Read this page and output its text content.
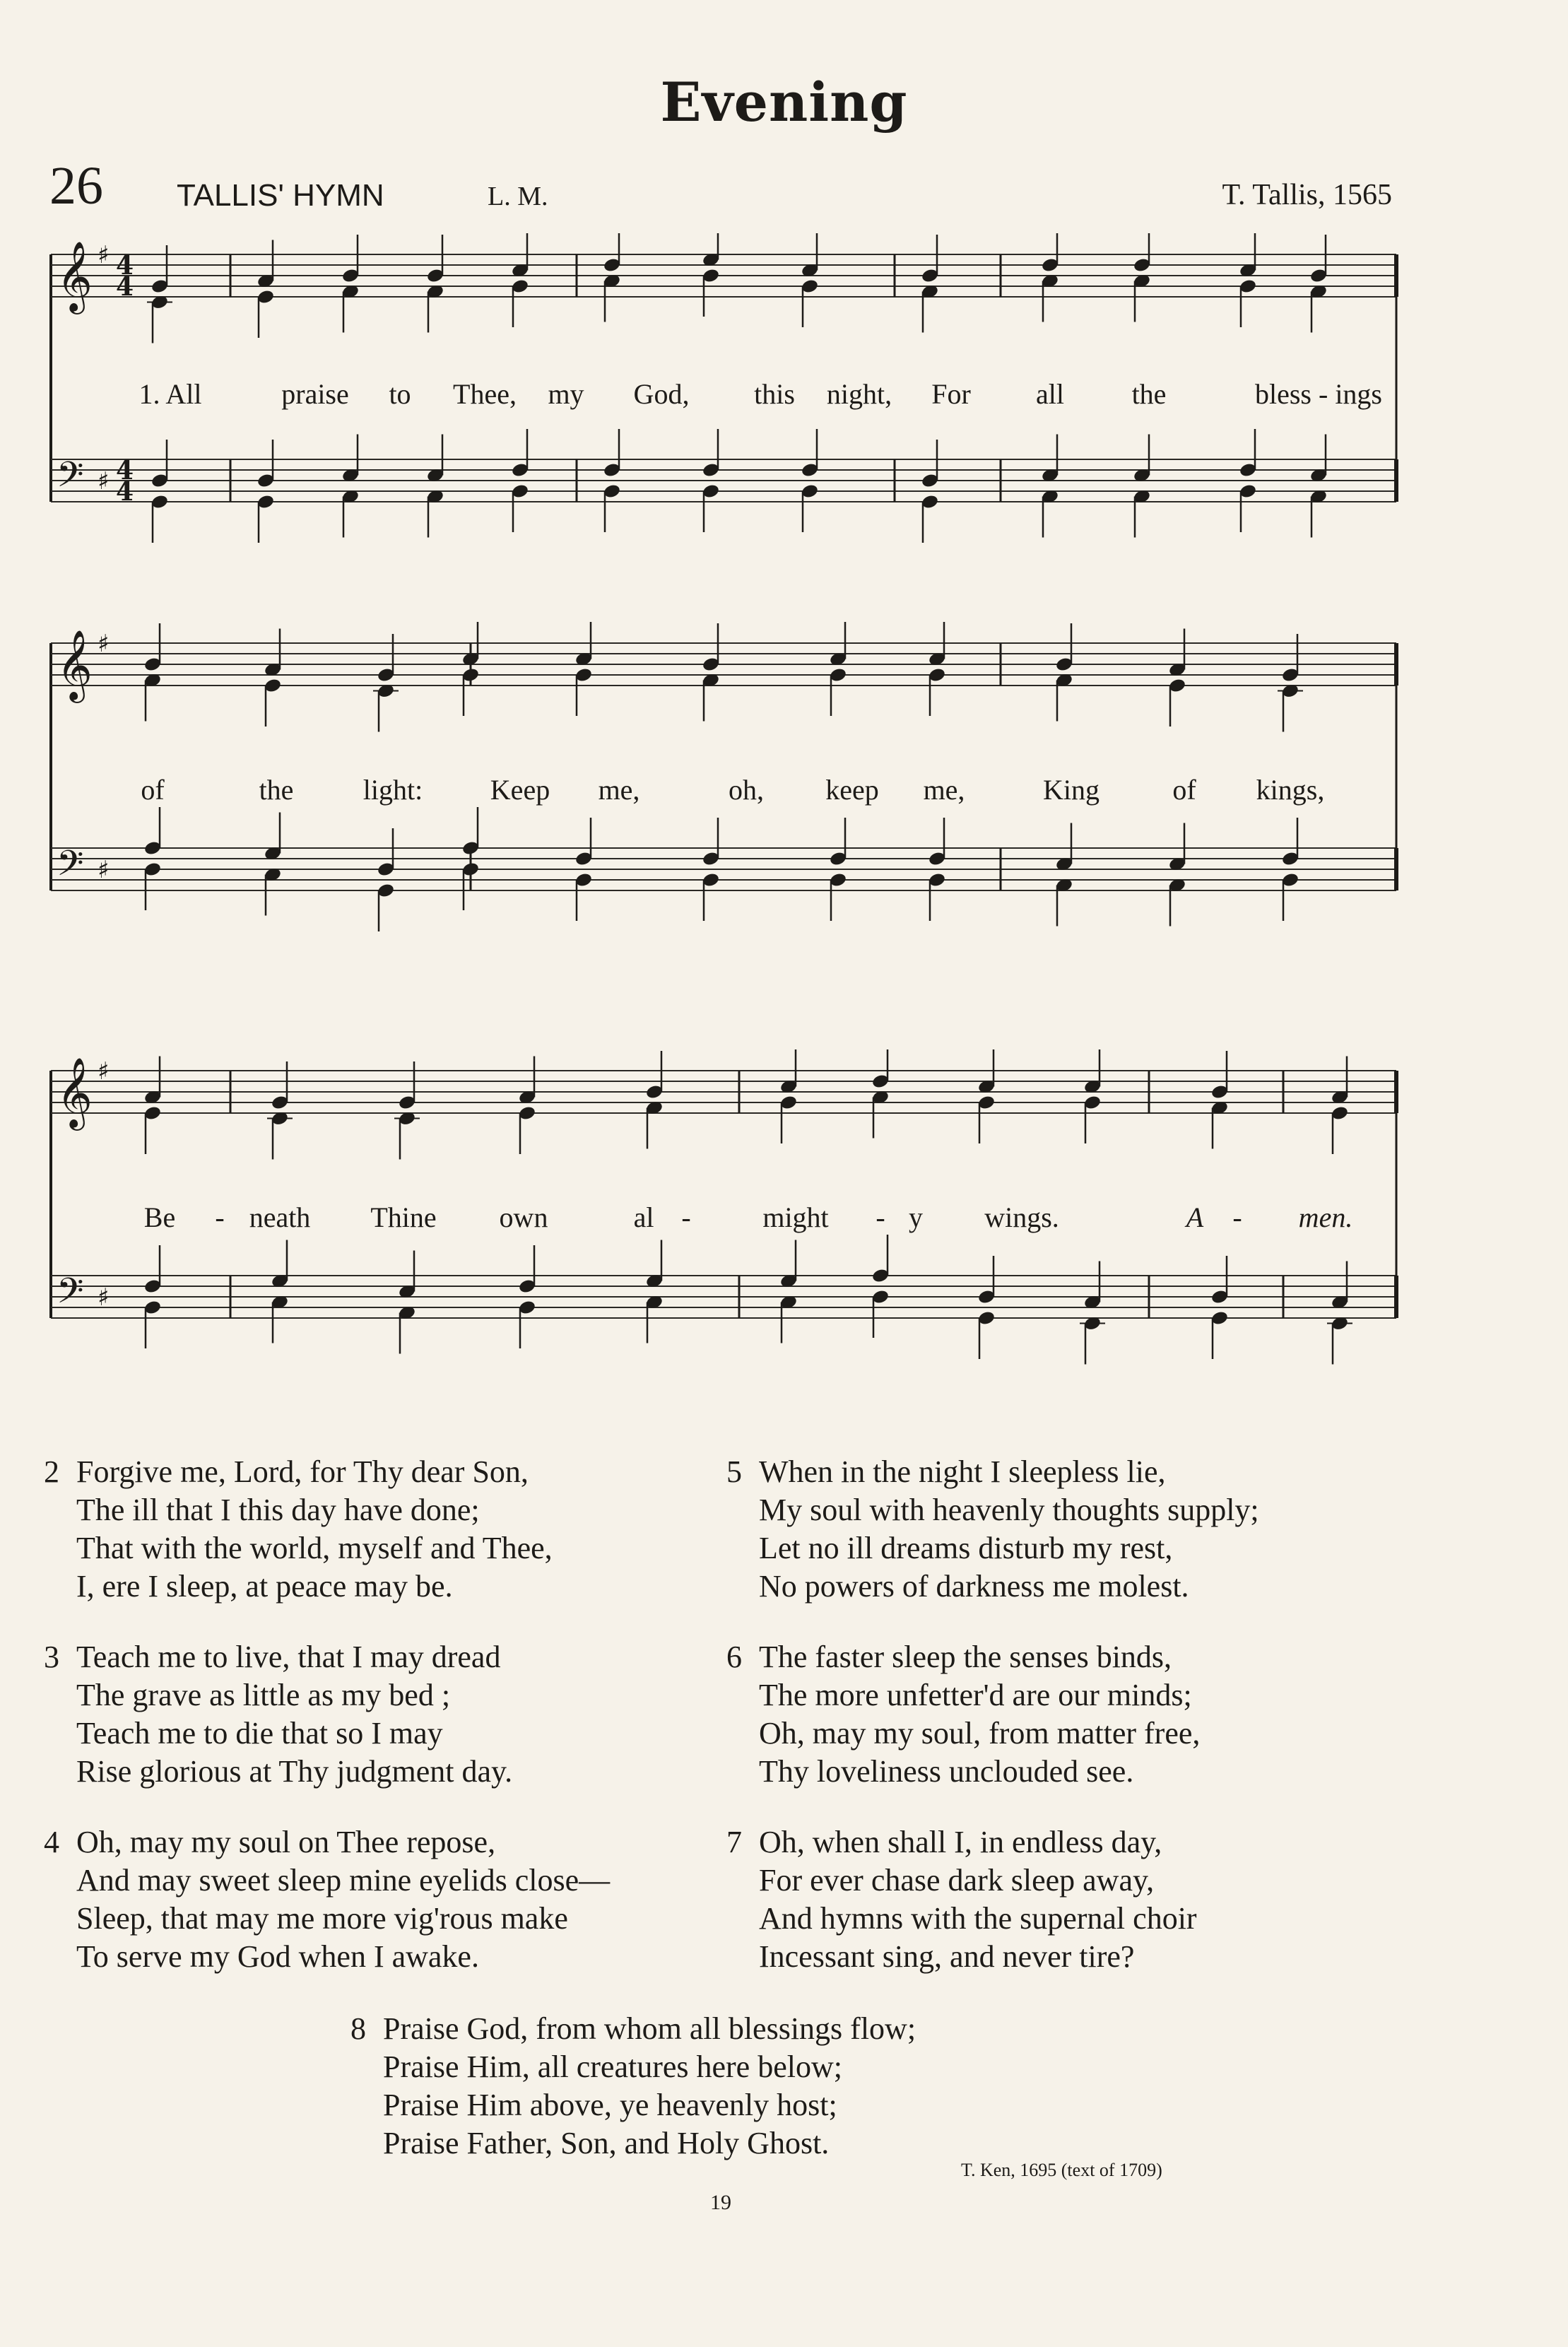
Evening
26 TALLIS' HYMN	L. M.	T. Tallis, 1565
𝄞 ♯ 4
4
𝄢 ♯ 4
4
1. All	praise to Thee, my God, this night, For all the	bless - ings
𝄞 ♯
𝄢 ♯
of	the light: Keep me,	oh, keep me,	King	of kings,
𝄞 ♯
𝄢 ♯
Be - neath Thine own	al -	might - y wings.	A - men.
2 Forgive me, Lord, for Thy dear Son,
The ill that I this day have done;
That with the world, myself and Thee,
I, ere I sleep, at peace may be.
3 Teach me to live, that I may dread
The grave as little as my bed ;
Teach me to die that so I may
Rise glorious at Thy judgment day.
4 Oh, may my soul on Thee repose,
And may sweet sleep mine eyelids close—
Sleep, that may me more vig'rous make
To serve my God when I awake.
5 When in the night I sleepless lie,
My soul with heavenly thoughts supply;
Let no ill dreams disturb my rest,
No powers of darkness me molest.
6 The faster sleep the senses binds,
The more unfetter'd are our minds;
Oh, may my soul, from matter free,
Thy loveliness unclouded see.
7 Oh, when shall I, in endless day,
For ever chase dark sleep away,
And hymns with the supernal choir
Incessant sing, and never tire?
8 Praise God, from whom all blessings flow;
Praise Him, all creatures here below;
Praise Him above, ye heavenly host;
Praise Father, Son, and Holy Ghost.
T. Ken, 1695 (text of 1709)
19
